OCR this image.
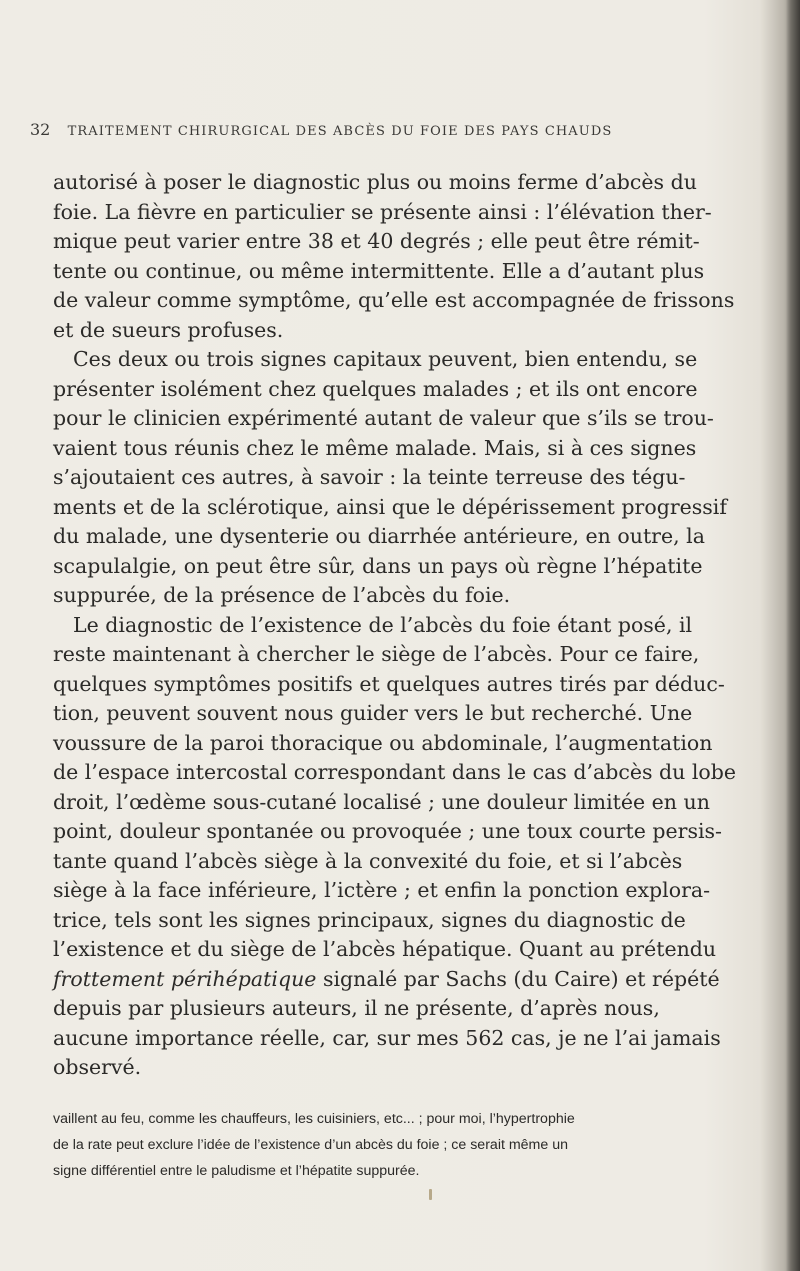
32 TRAITEMENT CHIRURGICAL DES ABCÈS DU FOIE DES PAYS CHAUDS
autorisé à poser le diagnostic plus ou moins ferme d’abcès du
foie. La fièvre en particulier se présente ainsi : l’élévation ther-
mique peut varier entre 38 et 40 degrés ; elle peut être rémit-
tente ou continue, ou même intermittente. Elle a d’autant plus
de valeur comme symptôme, qu’elle est accompagnée de frissons
et de sueurs profuses.
Ces deux ou trois signes capitaux peuvent, bien entendu, se
présenter isolément chez quelques malades ; et ils ont encore
pour le clinicien expérimenté autant de valeur que s’ils se trou-
vaient tous réunis chez le même malade. Mais, si à ces signes
s’ajoutaient ces autres, à savoir : la teinte terreuse des tégu-
ments et de la sclérotique, ainsi que le dépérissement progressif
du malade, une dysenterie ou diarrhée antérieure, en outre, la
scapulalgie, on peut être sûr, dans un pays où règne l’hépatite
suppurée, de la présence de l’abcès du foie.
Le diagnostic de l’existence de l’abcès du foie étant posé, il
reste maintenant à chercher le siège de l’abcès. Pour ce faire,
quelques symptômes positifs et quelques autres tirés par déduc-
tion, peuvent souvent nous guider vers le but recherché. Une
voussure de la paroi thoracique ou abdominale, l’augmentation
de l’espace intercostal correspondant dans le cas d’abcès du lobe
droit, l’œdème sous-cutané localisé ; une douleur limitée en un
point, douleur spontanée ou provoquée ; une toux courte persis-
tante quand l’abcès siège à la convexité du foie, et si l’abcès
siège à la face inférieure, l’ictère ; et enfin la ponction explora-
trice, tels sont les signes principaux, signes du diagnostic de
l’existence et du siège de l’abcès hépatique. Quant au prétendu
frottement périhépatique signalé par Sachs (du Caire) et répété
depuis par plusieurs auteurs, il ne présente, d’après nous,
aucune importance réelle, car, sur mes 562 cas, je ne l’ai jamais
observé.
vaillent au feu, comme les chauffeurs, les cuisiniers, etc... ; pour moi, l’hypertrophie
de la rate peut exclure l’idée de l’existence d’un abcès du foie ; ce serait même un
signe différentiel entre le paludisme et l’hépatite suppurée.
